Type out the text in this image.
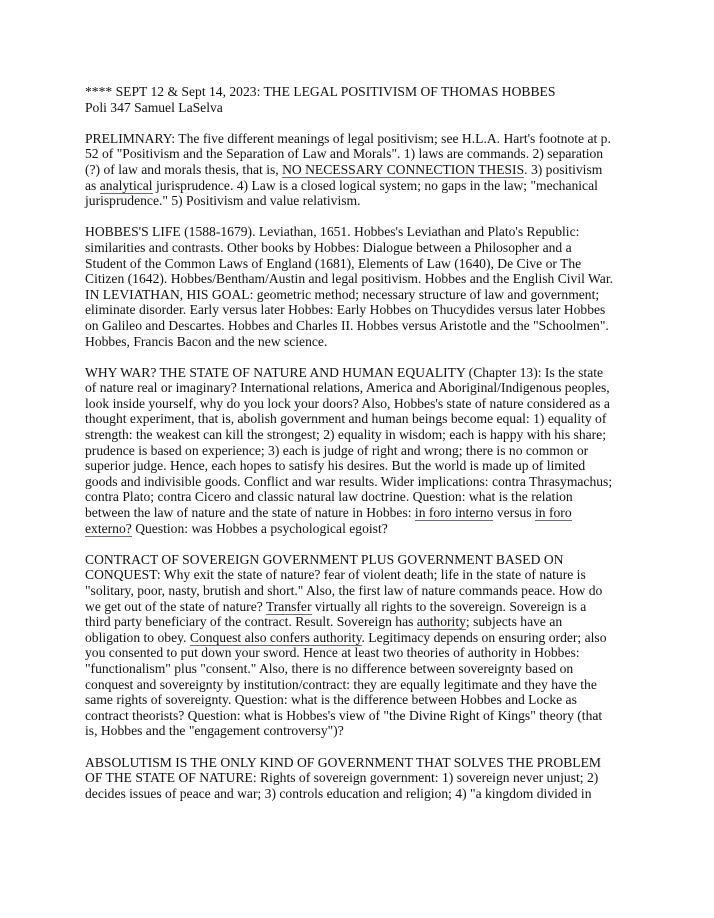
**** SEPT 12 & Sept 14, 2023: THE LEGAL POSITIVISM OF THOMAS HOBBES
Poli 347 Samuel LaSelva
PRELIMNARY: The five different meanings of legal positivism; see H.L.A. Hart's footnote at p.
52 of "Positivism and the Separation of Law and Morals". 1) laws are commands. 2) separation
(?) of law and morals thesis, that is, NO NECESSARY CONNECTION THESIS. 3) positivism
as analytical jurisprudence. 4) Law is a closed logical system; no gaps in the law; "mechanical
jurisprudence." 5) Positivism and value relativism.
HOBBES'S LIFE (1588-1679). Leviathan, 1651. Hobbes's Leviathan and Plato's Republic:
similarities and contrasts. Other books by Hobbes: Dialogue between a Philosopher and a
Student of the Common Laws of England (1681), Elements of Law (1640), De Cive or The
Citizen (1642). Hobbes/Bentham/Austin and legal positivism. Hobbes and the English Civil War.
IN LEVIATHAN, HIS GOAL: geometric method; necessary structure of law and government;
eliminate disorder. Early versus later Hobbes: Early Hobbes on Thucydides versus later Hobbes
on Galileo and Descartes. Hobbes and Charles II. Hobbes versus Aristotle and the "Schoolmen".
Hobbes, Francis Bacon and the new science.
WHY WAR? THE STATE OF NATURE AND HUMAN EQUALITY (Chapter 13): Is the state
of nature real or imaginary? International relations, America and Aboriginal/Indigenous peoples,
look inside yourself, why do you lock your doors? Also, Hobbes's state of nature considered as a
thought experiment, that is, abolish government and human beings become equal: 1) equality of
strength: the weakest can kill the strongest; 2) equality in wisdom; each is happy with his share;
prudence is based on experience; 3) each is judge of right and wrong; there is no common or
superior judge. Hence, each hopes to satisfy his desires. But the world is made up of limited
goods and indivisible goods. Conflict and war results. Wider implications: contra Thrasymachus;
contra Plato; contra Cicero and classic natural law doctrine. Question: what is the relation
between the law of nature and the state of nature in Hobbes: in foro interno versus in foro
externo? Question: was Hobbes a psychological egoist?
CONTRACT OF SOVEREIGN GOVERNMENT PLUS GOVERNMENT BASED ON
CONQUEST: Why exit the state of nature? fear of violent death; life in the state of nature is
"solitary, poor, nasty, brutish and short." Also, the first law of nature commands peace. How do
we get out of the state of nature? Transfer virtually all rights to the sovereign. Sovereign is a
third party beneficiary of the contract. Result. Sovereign has authority; subjects have an
obligation to obey. Conquest also confers authority. Legitimacy depends on ensuring order; also
you consented to put down your sword. Hence at least two theories of authority in Hobbes:
"functionalism" plus "consent." Also, there is no difference between sovereignty based on
conquest and sovereignty by institution/contract: they are equally legitimate and they have the
same rights of sovereignty. Question: what is the difference between Hobbes and Locke as
contract theorists? Question: what is Hobbes's view of "the Divine Right of Kings" theory (that
is, Hobbes and the "engagement controversy")?
ABSOLUTISM IS THE ONLY KIND OF GOVERNMENT THAT SOLVES THE PROBLEM
OF THE STATE OF NATURE: Rights of sovereign government: 1) sovereign never unjust; 2)
decides issues of peace and war; 3) controls education and religion; 4) "a kingdom divided in
